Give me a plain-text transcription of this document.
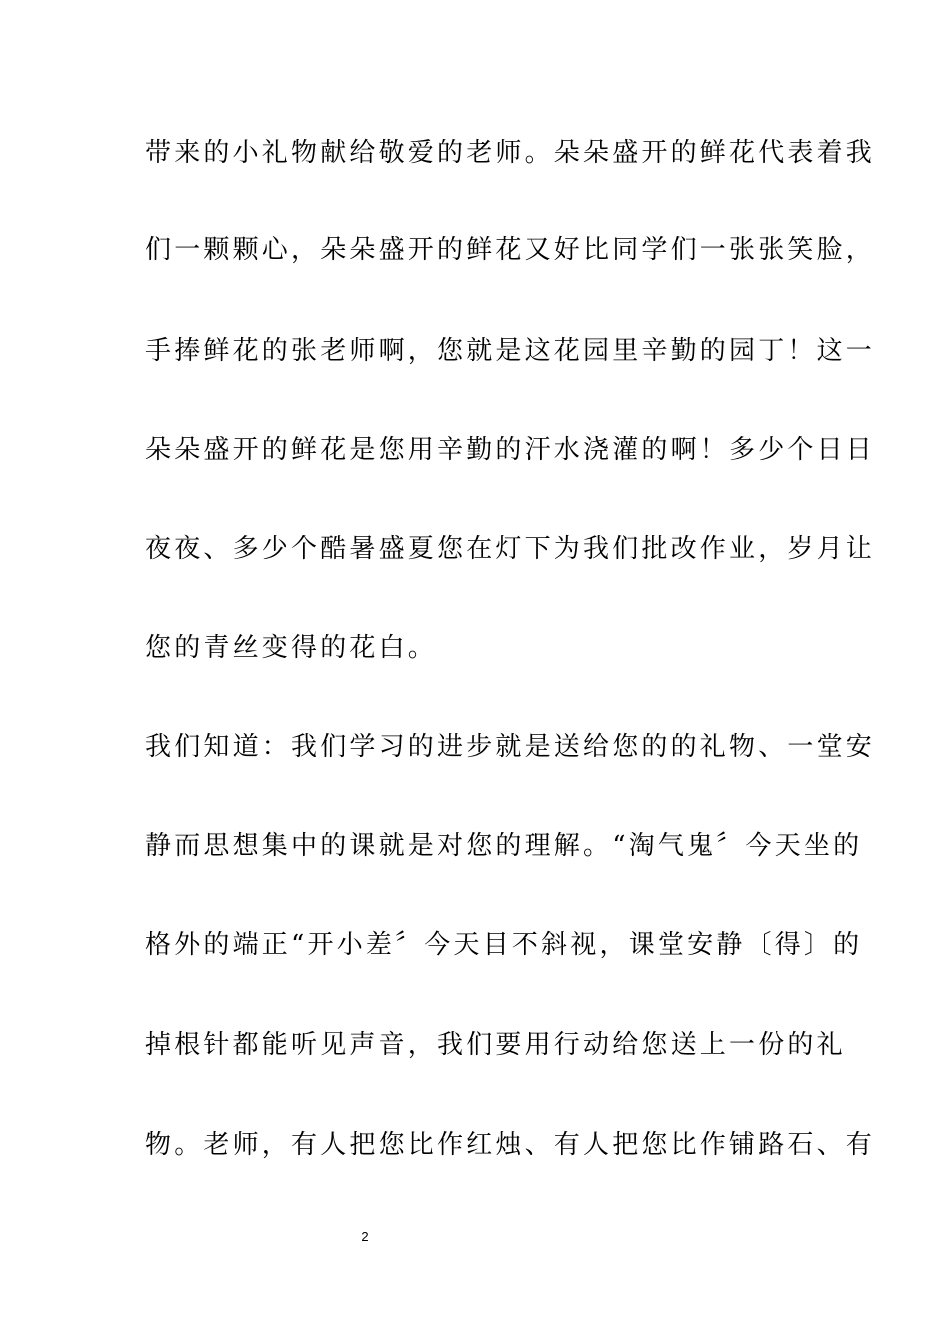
带来的小礼物献给敬爱的老师。朵朵盛开的鲜花代表着我
们一颗颗心，朵朵盛开的鲜花又好比同学们一张张笑脸，
手捧鲜花的张老师啊，您就是这花园里辛勤的园丁！这一
朵朵盛开的鲜花是您用辛勤的汗水浇灌的啊！多少个日日
夜夜、多少个酷暑盛夏您在灯下为我们批改作业，岁月让
您的青丝变得的花白。
我们知道：我们学习的进步就是送给您的的礼物、一堂安
静而思想集中的课就是对您的理解。“淘气鬼〞今天坐的
格外的端正“开小差〞今天目不斜视，课堂安静〔得〕的
掉根针都能听见声音，我们要用行动给您送上一份的礼
物。老师，有人把您比作红烛、有人把您比作铺路石、有
2
